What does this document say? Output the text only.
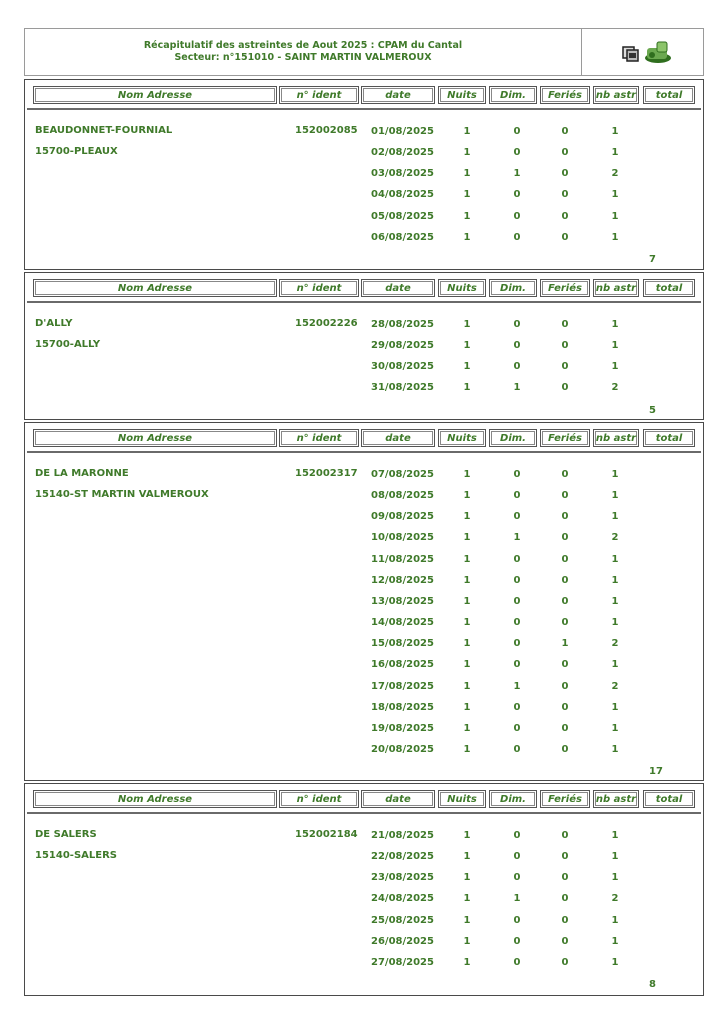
Récapitulatif des astreintes de Aout 2025 : CPAM du Cantal
Secteur: n°151010 - SAINT MARTIN VALMEROUX
Nom Adresse	n° ident	date	Nuits	Dim.	Feriés	nb astr	total
BEAUDONNET-FOURNIAL
15700-PLEAUX
152002085 01/08/2025	1	0	0	1
02/08/2025	1	0	0	1
03/08/2025	1	1	0	2
04/08/2025	1	0	0	1
05/08/2025	1	0	0	1
06/08/2025	1	0	0	1
7
Nom Adresse	n° ident	date	Nuits	Dim.	Feriés	nb astr	total
D'ALLY
15700-ALLY
152002226 28/08/2025	1	0	0	1
29/08/2025	1	0	0	1
30/08/2025	1	0	0	1
31/08/2025	1	1	0	2
5
Nom Adresse	n° ident	date	Nuits	Dim.	Feriés	nb astr	total
DE LA MARONNE
15140-ST MARTIN VALMEROUX
152002317 07/08/2025	1	0	0	1
08/08/2025	1	0	0	1
09/08/2025	1	0	0	1
10/08/2025	1	1	0	2
11/08/2025	1	0	0	1
12/08/2025	1	0	0	1
13/08/2025	1	0	0	1
14/08/2025	1	0	0	1
15/08/2025	1	0	1	2
16/08/2025	1	0	0	1
17/08/2025	1	1	0	2
18/08/2025	1	0	0	1
19/08/2025	1	0	0	1
20/08/2025	1	0	0	1
17
Nom Adresse	n° ident	date	Nuits	Dim.	Feriés	nb astr	total
DE SALERS
15140-SALERS
152002184 21/08/2025	1	0	0	1
22/08/2025	1	0	0	1
23/08/2025	1	0	0	1
24/08/2025	1	1	0	2
25/08/2025	1	0	0	1
26/08/2025	1	0	0	1
27/08/2025	1	0	0	1
8
